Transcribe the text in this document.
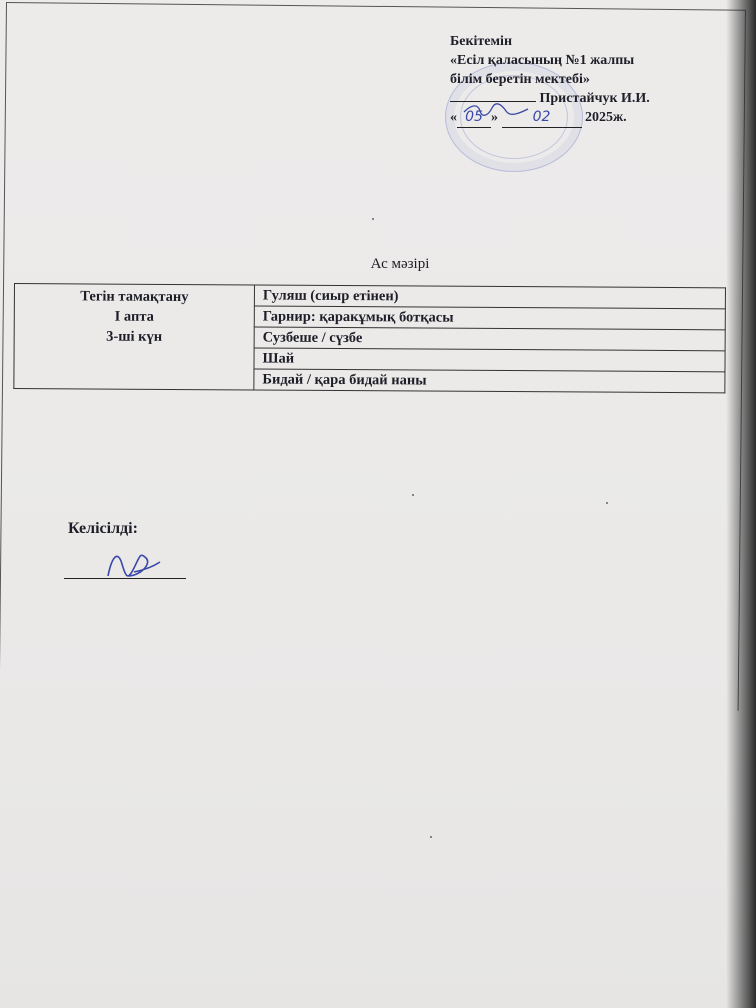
Бекітемін
«Есіл қаласының №1 жалпы
білім беретін мектебі»
Пристайчук И.И.
« 05 » 02 2025ж.
Ас мәзірі
Тегін тамақтану
I апта
3-ші күн
	Гуляш (сиыр етінен)
Гарнир: қаракұмық ботқасы
Сузбеше / сүзбе
Шай
Бидай / қара бидай наны
Келісілді:
